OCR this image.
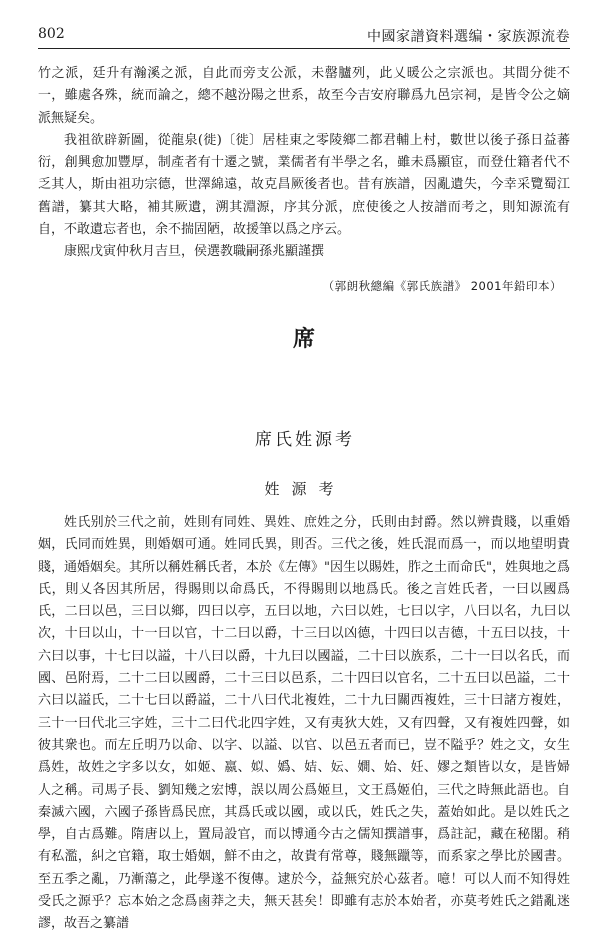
802	中國家譜資料選编・家族源流卷

竹之派，廷升有瀚溪之派，自此而旁支公派，未罄臚列，此乂暖公之宗派也。其間分徙不一，雖處各殊，統而論之，總不越汾陽之世系，故至今吉安府聯爲九邑宗祠，是皆令公之嫡派無疑矣。

我祖欲辟新圖，從龍泉(徙)〔徙〕居桂東之零陵鄉二都君輔上村，數世以後子孫日益蕃衍，創興愈加豐厚，制產者有十遷之號，業儒者有半學之名，雖未爲顯宦，而登仕籍者代不乏其人，斯由祖功宗德，世澤綿遠，故克昌厥後者也。昔有族譜，因亂遺失，今幸采覽蜀江舊譜，纂其大略，補其厥遺，溯其淵源，序其分派，庶使後之人按譜而考之，則知源流有自，不敢遺忘者也，余不揣固陋，故援筆以爲之序云。

康熙戊寅仲秋月吉旦，侯選教職嗣孫兆顯謹撰

（郭朗秋總編《郭氏族譜》 2001年鉛印本）
席
席氏姓源考
姓源考

姓氏别於三代之前，姓則有同姓、異姓、庶姓之分，氏則由封爵。然以辨貴賤，以重婚姻，氏同而姓異，則婚姻可通。姓同氏異，則否。三代之後，姓氏混而爲一，而以地望明貴賤，通婚姻矣。其所以稱姓稱氏者，本於《左傳》"因生以賜姓，胙之土而命氏"，姓與地之爲氏，則乂各因其所居，得賜則以命爲氏，不得賜則以地爲氏。後之言姓氏者，一曰以國爲氏，二曰以邑，三曰以鄉，四曰以亭，五曰以地，六曰以姓，七曰以字，八曰以名，九曰以次，十曰以山，十一曰以官，十二曰以爵，十三曰以凶德，十四曰以吉德，十五曰以技，十六曰以事，十七曰以謚，十八曰以爵，十九曰以國謚，二十曰以族系，二十一曰以名氏，而國、邑附焉，二十二曰以國爵，二十三曰以邑系，二十四曰以官名，二十五曰以邑謚，二十六曰以謚氏，二十七曰以爵謚，二十八曰代北複姓，二十九曰關西複姓，三十曰諸方複姓，三十一曰代北三字姓，三十二曰代北四字姓，又有夷狄大姓，又有四聲，又有複姓四聲，如彼其衆也。而左丘明乃以命、以字、以謚、以官、以邑五者而已，豈不隘乎？姓之文，女生爲姓，故姓之字多以女，如姬、嬴、姒、嬀、姞、妘、嫺、姶、妊、嫪之類皆以女，是皆婦人之稱。司馬子長、劉知幾之宏博，誤以周公爲姬旦，文王爲姬伯，三代之時無此語也。自秦滅六國，六國子孫皆爲民庶，其爲氏或以國，或以氏，姓氏之失，蓋始如此。是以姓氏之學，自古爲難。隋唐以上，置局設官，而以博通今古之儒知撰譜事，爲註記，藏在秘閣。稍有私濫，糾之官籍，取士婚姻，鮮不由之，故貴有常尊，賤無躐等，而系家之學比於國書。至五季之亂，乃漸蕩之，此學遂不復傳。逮於今，益無究於心茲者。噫！可以人而不知得姓受氏之源乎？忘本始之念爲鹵莽之夫，無天甚矣！即雖有志於本始者，亦莫考姓氏之錯亂迷謬，故吾之纂譜
